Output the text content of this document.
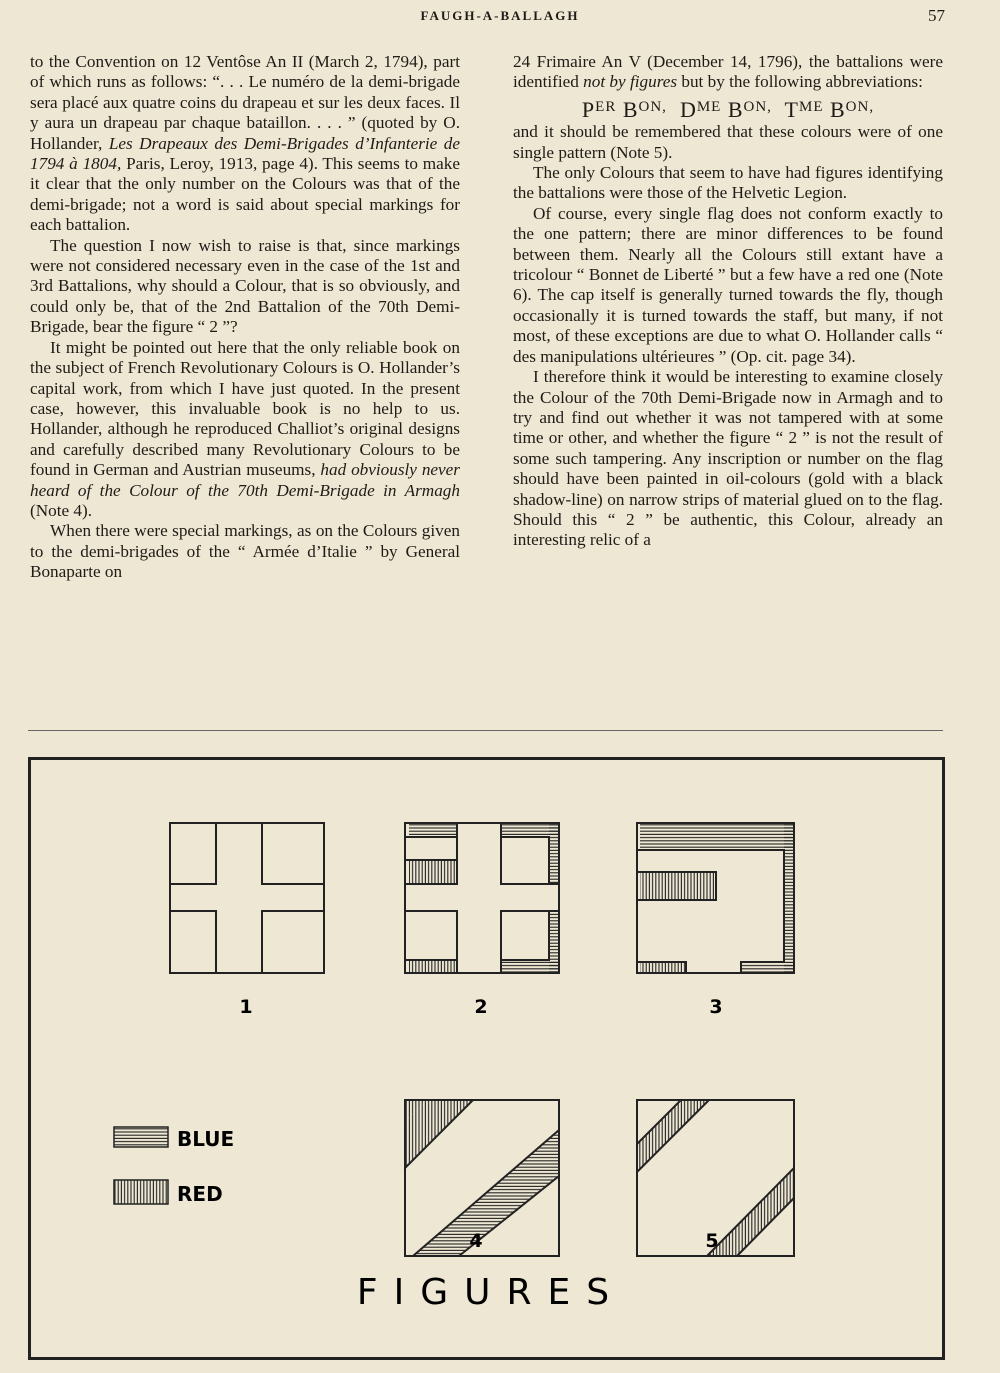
FAUGH-A-BALLAGH	57

to the Convention on 12 Ventôse An II (March 2, 1794), part of which runs as follows: “. . . Le numéro de la demi-brigade sera placé aux quatre coins du drapeau et sur les deux faces. Il y aura un drapeau par chaque bataillon. . . . ” (quoted by O. Hollander, Les Drapeaux des Demi-Brigades d’Infanterie de 1794 à 1804, Paris, Leroy, 1913, page 4). This seems to make it clear that the only number on the Colours was that of the demi-brigade; not a word is said about special markings for each battalion.

The question I now wish to raise is that, since markings were not considered necessary even in the case of the 1st and 3rd Battalions, why should a Colour, that is so obviously, and could only be, that of the 2nd Battalion of the 70th Demi-Brigade, bear the figure “ 2 ”?

It might be pointed out here that the only reliable book on the subject of French Revolutionary Colours is O. Hollander’s capital work, from which I have just quoted. In the present case, however, this invaluable book is no help to us. Hollander, although he reproduced Challiot’s original designs and carefully described many Revolutionary Colours to be found in German and Austrian museums, had obviously never heard of the Colour of the 70th Demi-Brigade in Armagh (Note 4).

When there were special markings, as on the Colours given to the demi-brigades of the “ Armée d’Italie ” by General Bonaparte on

24 Frimaire An V (December 14, 1796), the battalions were identified not by figures but by the following abbreviations:

$P^{ER}$ $B^{ON,}$  $D^{ME}$ $B^{ON,}$  $T^{ME}$ $B^{ON,}$

and it should be remembered that these colours were of one single pattern (Note 5).

The only Colours that seem to have had figures identifying the battalions were those of the Helvetic Legion.

Of course, every single flag does not conform exactly to the one pattern; there are minor differences to be found between them. Nearly all the Colours still extant have a tricolour “ Bonnet de Liberté ” but a few have a red one (Note 6). The cap itself is generally turned towards the fly, though occasionally it is turned towards the staff, but many, if not most, of these exceptions are due to what O. Hollander calls “ des manipulations ultérieures ” (Op. cit. page 34).

I therefore think it would be interesting to examine closely the Colour of the 70th Demi-Brigade now in Armagh and to try and find out whether it was not tampered with at some time or other, and whether the figure “ 2 ” is not the result of some such tampering. Any inscription or number on the flag should have been painted in oil-colours (gold with a black shadow-line) on narrow strips of material glued on to the flag. Should this “ 2 ” be authentic, this Colour, already an interesting relic of a

1	2	3
4	5
BLUE
RED
FIGURES
